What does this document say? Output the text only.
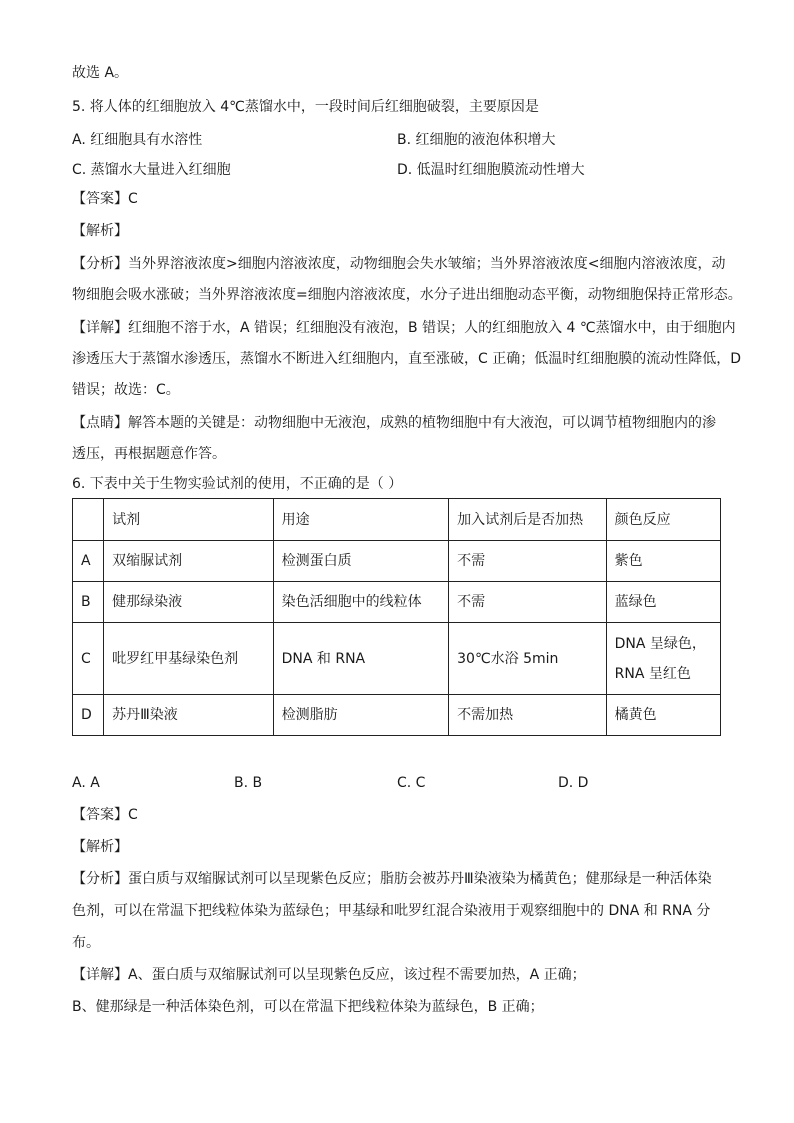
故选 A。
5. 将人体的红细胞放入 4℃蒸馏水中，一段时间后红细胞破裂，主要原因是
A. 红细胞具有水溶性	B. 红细胞的液泡体积增大
C. 蒸馏水大量进入红细胞	D. 低温时红细胞膜流动性增大
【答案】C
【解析】
【分析】当外界溶液浓度>细胞内溶液浓度，动物细胞会失水皱缩；当外界溶液浓度<细胞内溶液浓度，动
物细胞会吸水涨破；当外界溶液浓度=细胞内溶液浓度，水分子进出细胞动态平衡，动物细胞保持正常形态。
【详解】红细胞不溶于水，A 错误；红细胞没有液泡，B 错误；人的红细胞放入 4 ℃蒸馏水中，由于细胞内
渗透压大于蒸馏水渗透压，蒸馏水不断进入红细胞内，直至涨破，C 正确；低温时红细胞膜的流动性降低，D
错误；故选：C。
【点睛】解答本题的关键是：动物细胞中无液泡，成熟的植物细胞中有大液泡，可以调节植物细胞内的渗
透压，再根据题意作答。
6. 下表中关于生物实验试剂的使用，不正确的是（ ）
	试剂	用途	加入试剂后是否加热	颜色反应
A	双缩脲试剂	检测蛋白质	不需	紫色
B	健那绿染液	染色活细胞中的线粒体	不需	蓝绿色
C	吡罗红甲基绿染色剂	DNA 和 RNA	30℃水浴 5min	DNA 呈绿色，
RNA 呈红色

D	苏丹Ⅲ染液	检测脂肪	不需加热	橘黄色
A. A	B. B	C. C	D. D
【答案】C
【解析】
【分析】蛋白质与双缩脲试剂可以呈现紫色反应；脂肪会被苏丹Ⅲ染液染为橘黄色；健那绿是一种活体染
色剂，可以在常温下把线粒体染为蓝绿色；甲基绿和吡罗红混合染液用于观察细胞中的 DNA 和 RNA 分
布。
【详解】A、蛋白质与双缩脲试剂可以呈现紫色反应，该过程不需要加热，A 正确；
B、健那绿是一种活体染色剂，可以在常温下把线粒体染为蓝绿色，B 正确；
